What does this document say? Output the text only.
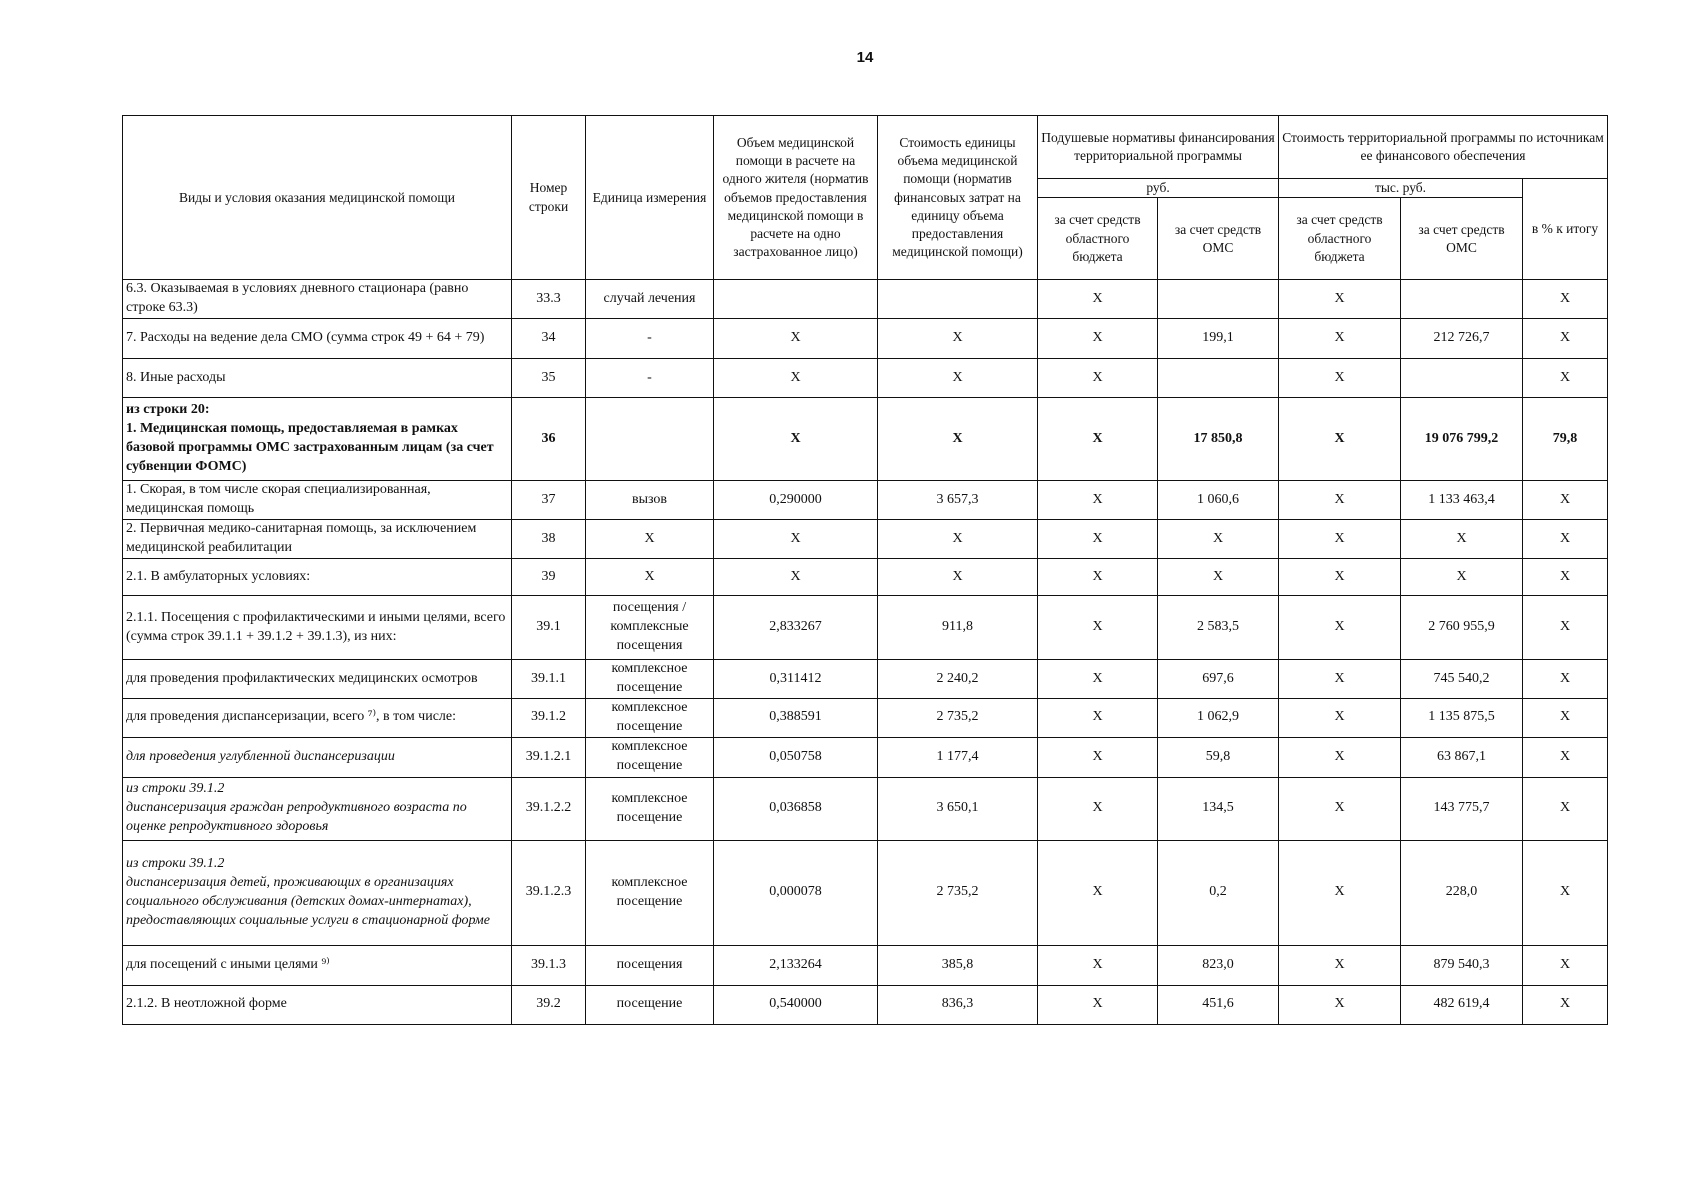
14
Виды и условия оказания медицинской помощи	Номер строки	Единица измерения	Объем медицинской помощи в расчете на одного жителя (норматив объемов предоставления медицинской помощи в расчете на одно застрахованное лицо)	Стоимость единицы объема медицинской помощи (норматив финансовых затрат на единицу объема предоставления медицинской помощи)	Подушевые нормативы финансирования территориальной программы		Стоимость территориальной программы по источникам ее финансового обеспечения		
					руб.		тыс. руб.		в % к итогу
					за счет средств областного бюджета	за счет средств ОМС	за счет средств областного бюджета	за счет средств ОМС	
6.3. Оказываемая в условиях дневного стационара (равно строке 63.3)	33.3	случай лечения			X		X		X
7. Расходы на ведение дела СМО (сумма строк 49 + 64 + 79)	34	-	X	X	X	199,1	X	212 726,7	X
8. Иные расходы	35	-	X	X	X		X		X
из строки 20:
1. Медицинская помощь, предоставляемая в рамках базовой программы ОМС застрахованным лицам (за счет субвенции ФОМС)	36		X	X	X	17 850,8	X	19 076 799,2	79,8
1. Скорая, в том числе скорая специализированная, медицинская помощь	37	вызов	0,290000	3 657,3	X	1 060,6	X	1 133 463,4	X
2. Первичная медико-санитарная помощь, за исключением медицинской реабилитации	38	X	X	X	X	X	X	X	X
2.1. В амбулаторных условиях:	39	X	X	X	X	X	X	X	X
2.1.1. Посещения с профилактическими и иными целями, всего (сумма строк 39.1.1 + 39.1.2 + 39.1.3), из них:	39.1	посещения / комплексные посещения	2,833267	911,8	X	2 583,5	X	2 760 955,9	X
для проведения профилактических медицинских осмотров	39.1.1	комплексное посещение	0,311412	2 240,2	X	697,6	X	745 540,2	X
для проведения диспансеризации, всего ⁷⁾, в том числе:	39.1.2	комплексное посещение	0,388591	2 735,2	X	1 062,9	X	1 135 875,5	X
для проведения углубленной диспансеризации	39.1.2.1	комплексное посещение	0,050758	1 177,4	X	59,8	X	63 867,1	X
из строки 39.1.2
диспансеризация граждан репродуктивного возраста по оценке репродуктивного здоровья	39.1.2.2	комплексное посещение	0,036858	3 650,1	X	134,5	X	143 775,7	X
из строки 39.1.2
диспансеризация детей, проживающих в организациях социального обслуживания (детских домах-интернатах), предоставляющих социальные услуги в стационарной форме	39.1.2.3	комплексное посещение	0,000078	2 735,2	X	0,2	X	228,0	X
для посещений с иными целями ⁹⁾	39.1.3	посещения	2,133264	385,8	X	823,0	X	879 540,3	X
2.1.2. В неотложной форме	39.2	посещение	0,540000	836,3	X	451,6	X	482 619,4	X
